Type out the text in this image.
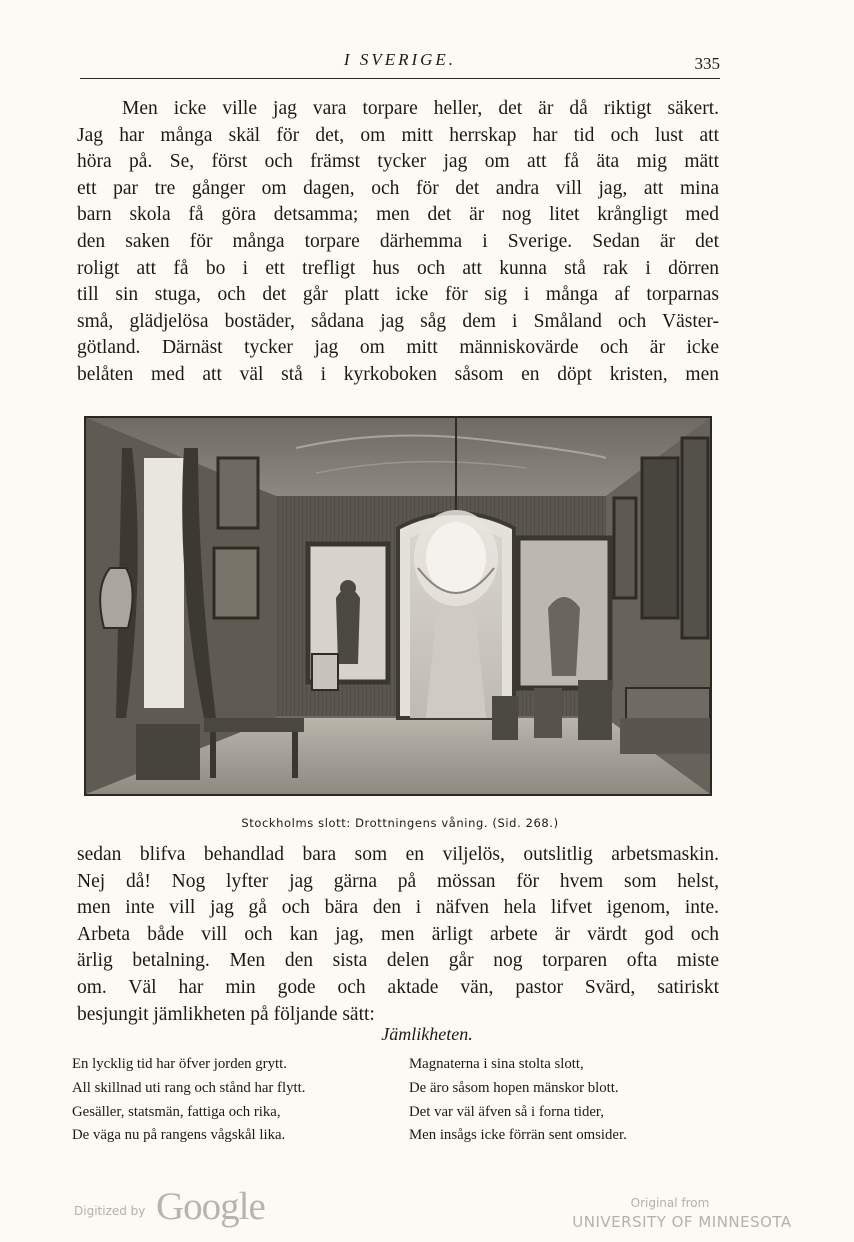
I SVERIGE.	335
Men icke ville jag vara torpare heller, det är då riktigt säkert.
Jag har många skäl för det, om mitt herrskap har tid och lust att
höra på. Se, först och främst tycker jag om att få äta mig mätt
ett par tre gånger om dagen, och för det andra vill jag, att mina
barn skola få göra detsamma; men det är nog litet krångligt med
den saken för många torpare därhemma i Sverige. Sedan är det
roligt att få bo i ett trefligt hus och att kunna stå rak i dörren
till sin stuga, och det går platt icke för sig i många af torparnas
små, glädjelösa bostäder, sådana jag såg dem i Småland och Väster-
götland. Därnäst tycker jag om mitt människovärde och är icke
belåten med att väl stå i kyrkoboken såsom en döpt kristen, men
Stockholms slott: Drottningens våning. (Sid. 268.)
sedan blifva behandlad bara som en viljelös, outslitlig arbetsmaskin.
Nej då! Nog lyfter jag gärna på mössan för hvem som helst,
men inte vill jag gå och bära den i näfven hela lifvet igenom, inte.
Arbeta både vill och kan jag, men ärligt arbete är värdt god och
ärlig betalning. Men den sista delen går nog torparen ofta miste
om. Väl har min gode och aktade vän, pastor Svärd, satiriskt
besjungit jämlikheten på följande sätt:
Jämlikheten.
En lycklig tid har öfver jorden grytt.
All skillnad uti rang och stånd har flytt.
Gesäller, statsmän, fattiga och rika,
De väga nu på rangens vågskål lika.
Magnaterna i sina stolta slott,
De äro såsom hopen mänskor blott.
Det var väl äfven så i forna tider,
Men insågs icke förrän sent omsider.
Digitized by Google	Original from
UNIVERSITY OF MINNESOTA
